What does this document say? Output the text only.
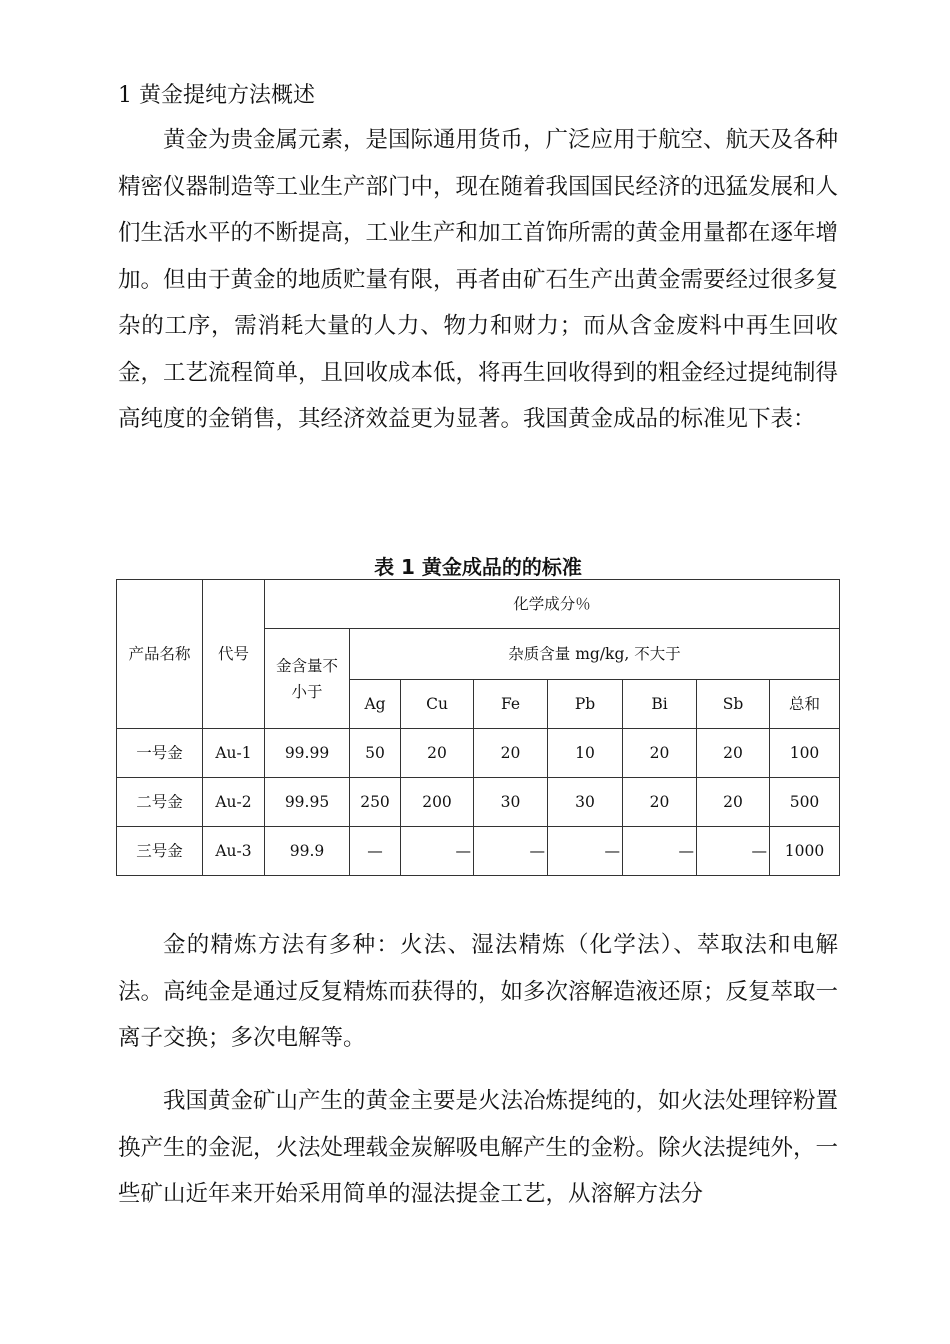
1 黄金提纯方法概述

黄金为贵金属元素，是国际通用货币，广泛应用于航空、航天及各种精密仪器制造等工业生产部门中，现在随着我国国民经济的迅猛发展和人们生活水平的不断提高，工业生产和加工首饰所需的黄金用量都在逐年增加。但由于黄金的地质贮量有限，再者由矿石生产出黄金需要经过很多复杂的工序，需消耗大量的人力、物力和财力；而从含金废料中再生回收金，工艺流程简单，且回收成本低，将再生回收得到的粗金经过提纯制得高纯度的金销售，其经济效益更为显著。我国黄金成品的标准见下表：

表 1 黄金成品的的标准
产品名称	代号	化学成分％							
		金含量不小于	杂质含量 mg/kg, 不大于						
			Ag	Cu	Fe	Pb	Bi	Sb	总和
一号金	Au-1	99.99	50	20	20	10	20	20	100
二号金	Au-2	99.95	250	200	30	30	20	20	500
三号金	Au-3	99.9	—	—	—	—	—	—	1000

金的精炼方法有多种：火法、湿法精炼（化学法）、萃取法和电解法。高纯金是通过反复精炼而获得的，如多次溶解造液还原；反复萃取一离子交换；多次电解等。

我国黄金矿山产生的黄金主要是火法冶炼提纯的，如火法处理锌粉置换产生的金泥，火法处理载金炭解吸电解产生的金粉。除火法提纯外，一些矿山近年来开始采用简单的湿法提金工艺，从溶解方法分
